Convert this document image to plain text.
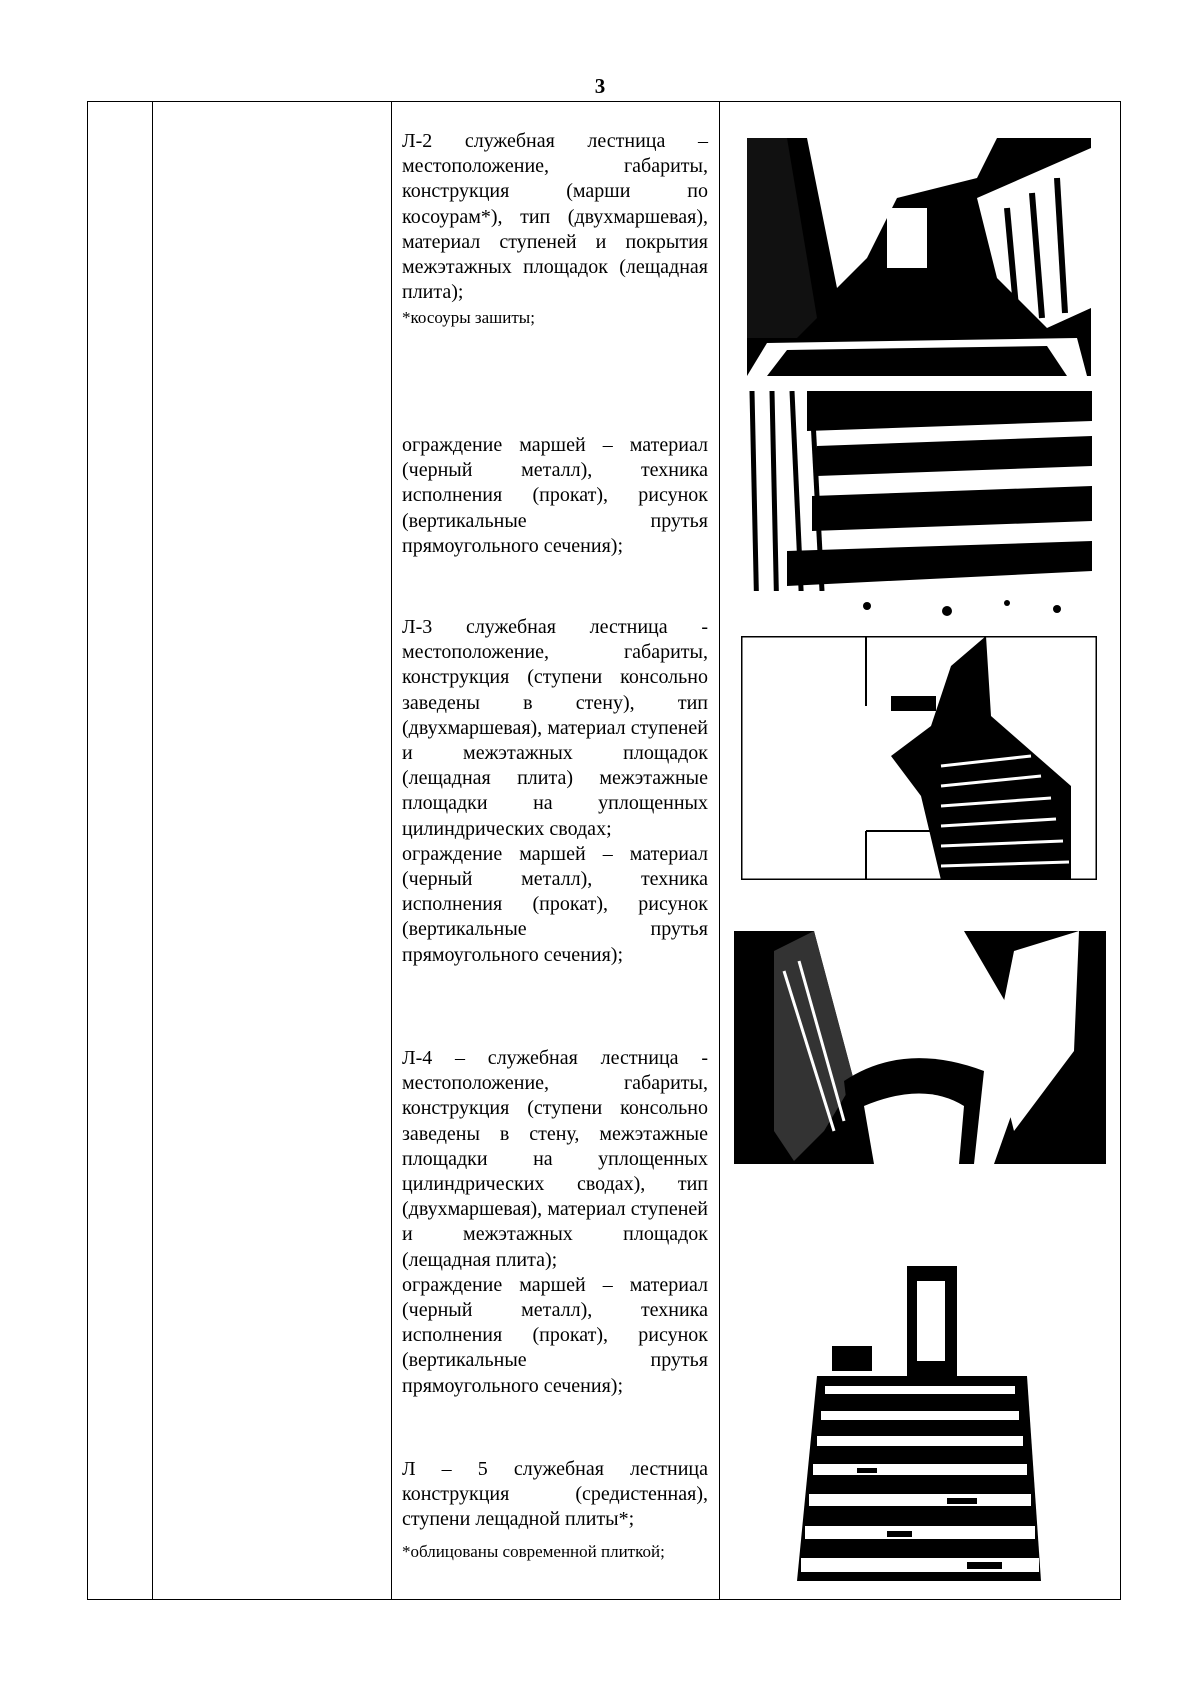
3

Л-2 служебная лестница – местоположение, габариты, конструкция (марши по косоурам*), тип (двухмаршевая), материал ступеней и покрытия межэтажных площадок (лещадная плита);

*косоуры зашиты;

ограждение маршей – материал (черный металл), техника исполнения (прокат), рисунок (вертикальные прутья прямоугольного сечения);

Л-3 служебная лестница - местоположение, габариты, конструкция (ступени консольно заведены в стену), тип (двухмаршевая), материал ступеней и межэтажных площадок (лещадная плита) межэтажные площадки на уплощенных цилиндрических сводах;

ограждение маршей – материал (черный металл), техника исполнения (прокат), рисунок (вертикальные прутья прямоугольного сечения);

Л-4 – служебная лестница - местоположение, габариты, конструкция (ступени консольно заведены в стену, межэтажные площадки на уплощенных цилиндрических сводах), тип (двухмаршевая), материал ступеней и межэтажных площадок (лещадная плита);

ограждение маршей – материал (черный металл), техника исполнения (прокат), рисунок (вертикальные прутья прямоугольного сечения);

Л – 5 служебная лестница конструкция (средистенная), ступени лещадной плиты*;

*облицованы современной плиткой;
